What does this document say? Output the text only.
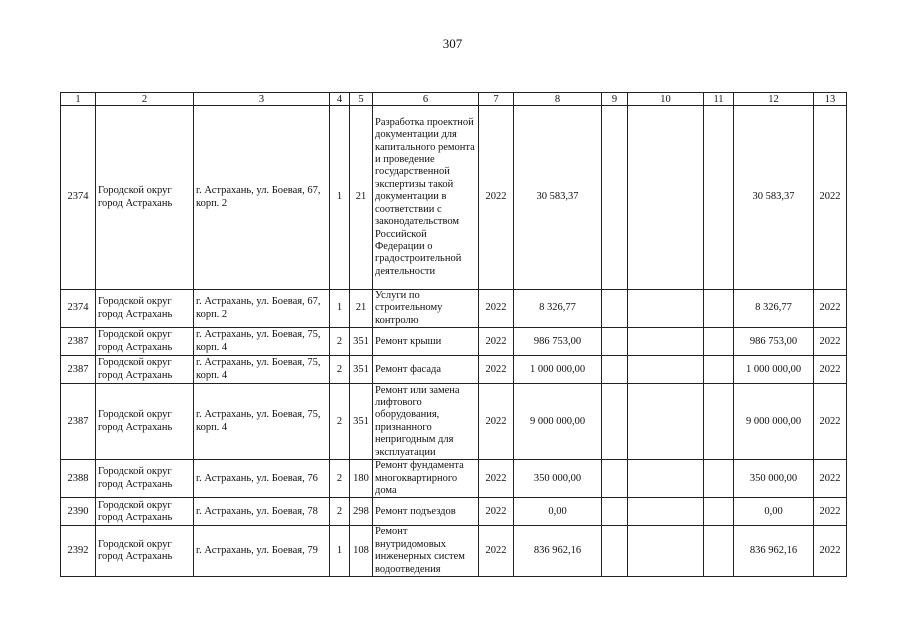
307
1	2	3	4	5	6	7	8	9	10	11	12	13
2374	Городской округ город Астрахань	г. Астрахань, ул. Боевая, 67, корп. 2	1	21	Разработка проектной документации для капитального ремонта и проведение государственной экспертизы такой документации в соответствии с законодательством Российской Федерации о градостроительной деятельности	2022	30 583,37				30 583,37	2022
2374	Городской округ город Астрахань	г. Астрахань, ул. Боевая, 67, корп. 2	1	21	Услуги по строительному контролю	2022	8 326,77				8 326,77	2022
2387	Городской округ город Астрахань	г. Астрахань, ул. Боевая, 75, корп. 4	2	351	Ремонт крыши	2022	986 753,00				986 753,00	2022
2387	Городской округ город Астрахань	г. Астрахань, ул. Боевая, 75, корп. 4	2	351	Ремонт фасада	2022	1 000 000,00				1 000 000,00	2022
2387	Городской округ город Астрахань	г. Астрахань, ул. Боевая, 75, корп. 4	2	351	Ремонт или замена лифтового оборудования, признанного непригодным для эксплуатации	2022	9 000 000,00				9 000 000,00	2022
2388	Городской округ город Астрахань	г. Астрахань, ул. Боевая, 76	2	180	Ремонт фундамента многоквартирного дома	2022	350 000,00				350 000,00	2022
2390	Городской округ город Астрахань	г. Астрахань, ул. Боевая, 78	2	298	Ремонт подъездов	2022	0,00				0,00	2022
2392	Городской округ город Астрахань	г. Астрахань, ул. Боевая, 79	1	108	Ремонт внутридомовых инженерных систем водоотведения	2022	836 962,16				836 962,16	2022
